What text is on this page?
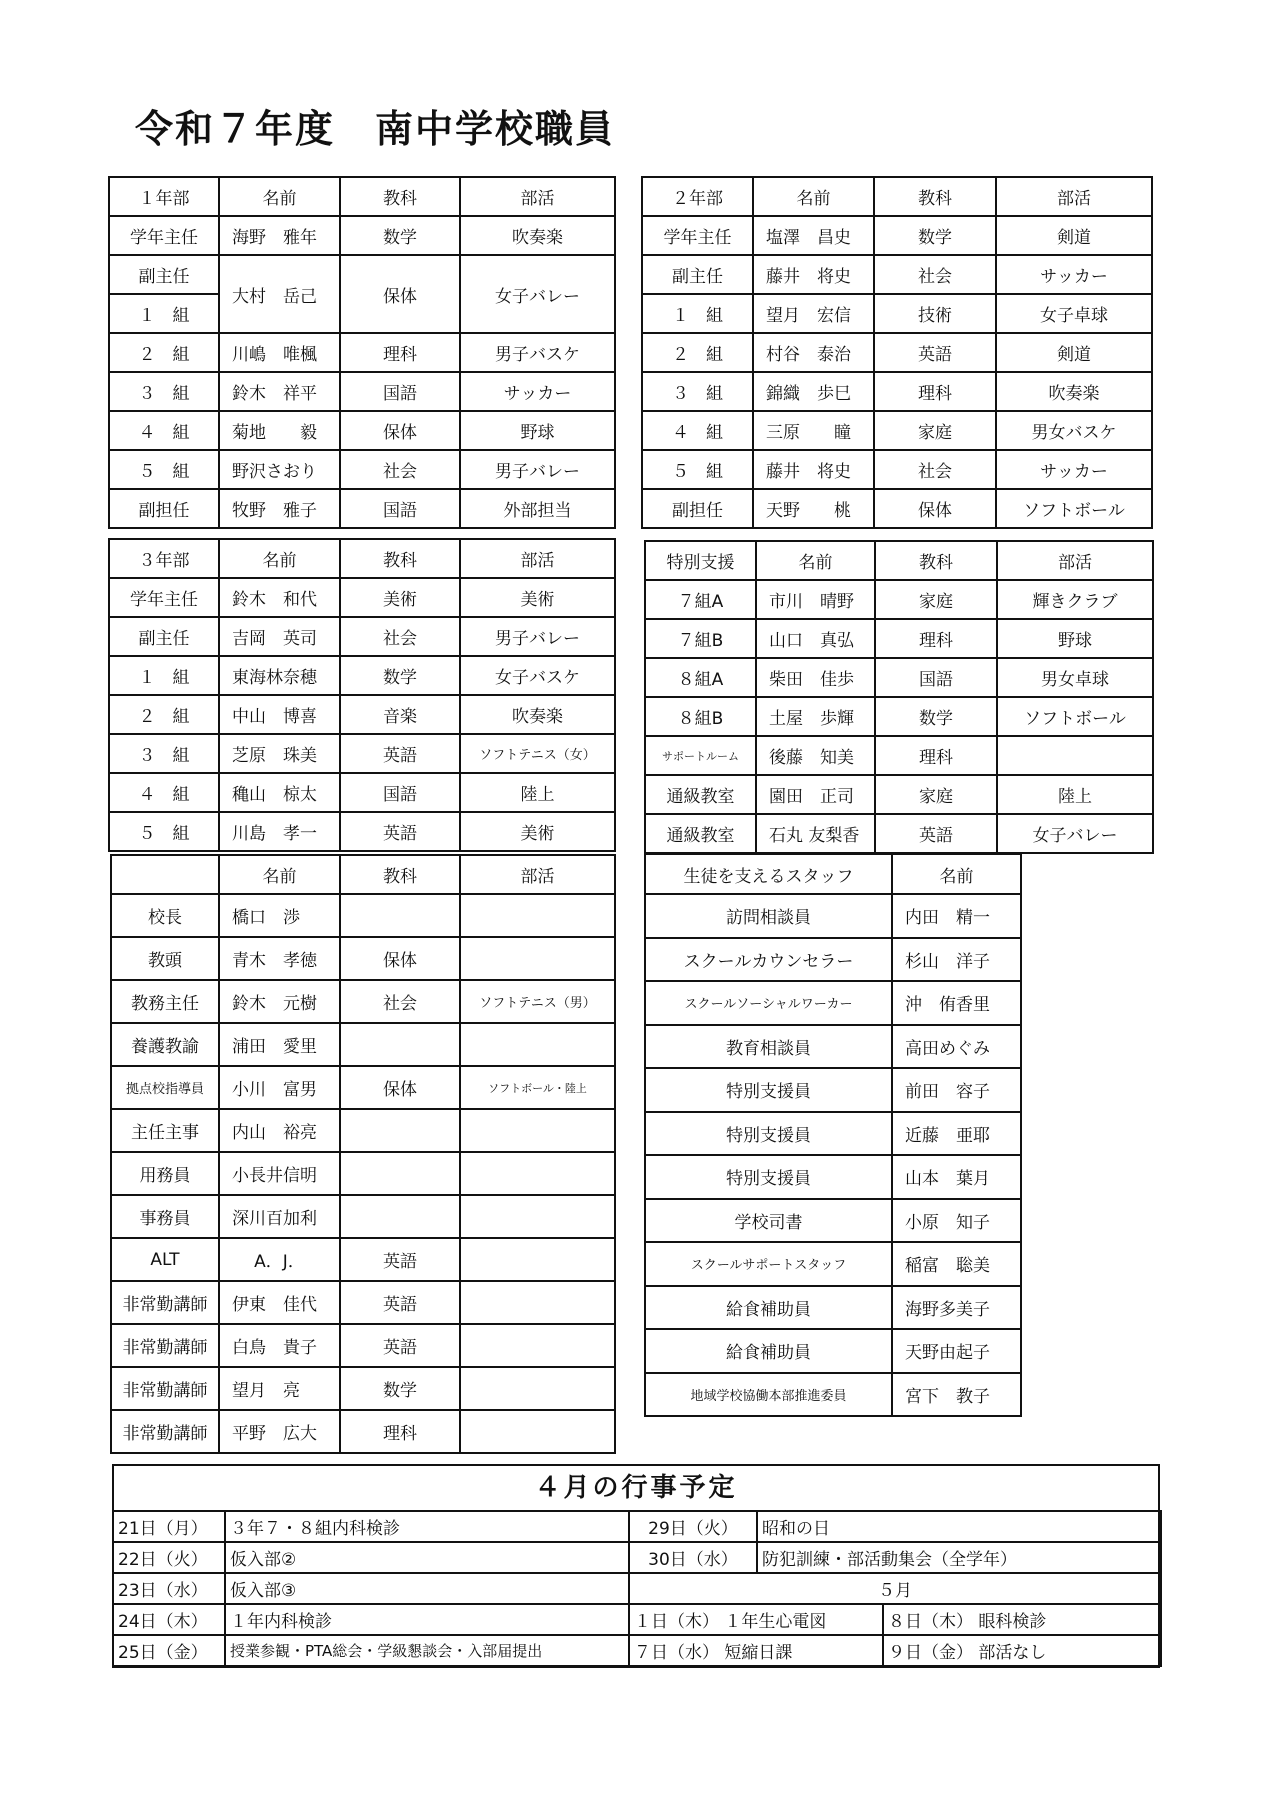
令和７年度　南中学校職員
１年部	名前	教科	部活
学年主任	海野　雅年	数学	吹奏楽
副主任	大村　岳己	保体	女子バレー
１　組			
２　組	川嶋　唯楓	理科	男子バスケ
３　組	鈴木　祥平	国語	サッカー
４　組	菊地　　毅	保体	野球
５　組	野沢さおり	社会	男子バレー
副担任	牧野　雅子	国語	外部担当
２年部	名前	教科	部活
学年主任	塩澤　昌史	数学	剣道
副主任	藤井　将史	社会	サッカー
１　組	望月　宏信	技術	女子卓球
２　組	村谷　泰治	英語	剣道
３　組	錦織　歩巳	理科	吹奏楽
４　組	三原　　瞳	家庭	男女バスケ
５　組	藤井　将史	社会	サッカー
副担任	天野　　桃	保体	ソフトボール
３年部	名前	教科	部活
学年主任	鈴木　和代	美術	美術
副主任	吉岡　英司	社会	男子バレー
１　組	東海林奈穂	数学	女子バスケ
２　組	中山　博喜	音楽	吹奏楽
３　組	芝原　珠美	英語	ソフトテニス（女）
４　組	穐山　椋太	国語	陸上
５　組	川島　孝一	英語	美術
特別支援	名前	教科	部活
７組A	市川　晴野	家庭	輝きクラブ
７組B	山口　真弘	理科	野球
８組A	柴田　佳歩	国語	男女卓球
８組B	土屋　歩輝	数学	ソフトボール
サポートルーム	後藤　知美	理科	
通級教室	園田　正司	家庭	陸上
通級教室	石丸 友梨香	英語	女子バレー
	名前	教科	部活
校長	橋口　渉		
教頭	青木　孝徳	保体	
教務主任	鈴木　元樹	社会	ソフトテニス（男）
養護教諭	浦田　愛里		
拠点校指導員	小川　富男	保体	ソフトボール・陸上
主任主事	内山　裕亮		
用務員	小長井信明		
事務員	深川百加利		
ALT	A．J．	英語	
非常勤講師	伊東　佳代	英語	
非常勤講師	白鳥　貴子	英語	
非常勤講師	望月　亮	数学	
非常勤講師	平野　広大	理科	
生徒を支えるスタッフ	名前
訪問相談員	内田　精一
スクールカウンセラー	杉山　洋子
スクールソーシャルワーカー	沖　侑香里
教育相談員	高田めぐみ
特別支援員	前田　容子
特別支援員	近藤　亜耶
特別支援員	山本　葉月
学校司書	小原　知子
スクールサポートスタッフ	稲富　聡美
給食補助員	海野多美子
給食補助員	天野由起子
地域学校協働本部推進委員	宮下　教子
４月の行事予定
21日（月）	３年７・８組内科検診	29日（火）	昭和の日	
22日（火）	仮入部②	30日（水）	防犯訓練・部活動集会（全学年）	
23日（水）	仮入部③	５月		
24日（木）	１年内科検診	１日（木） １年生心電図		８日（木） 眼科検診
25日（金）	授業参観・PTA総会・学級懇談会・入部届提出	７日（水） 短縮日課		９日（金） 部活なし
